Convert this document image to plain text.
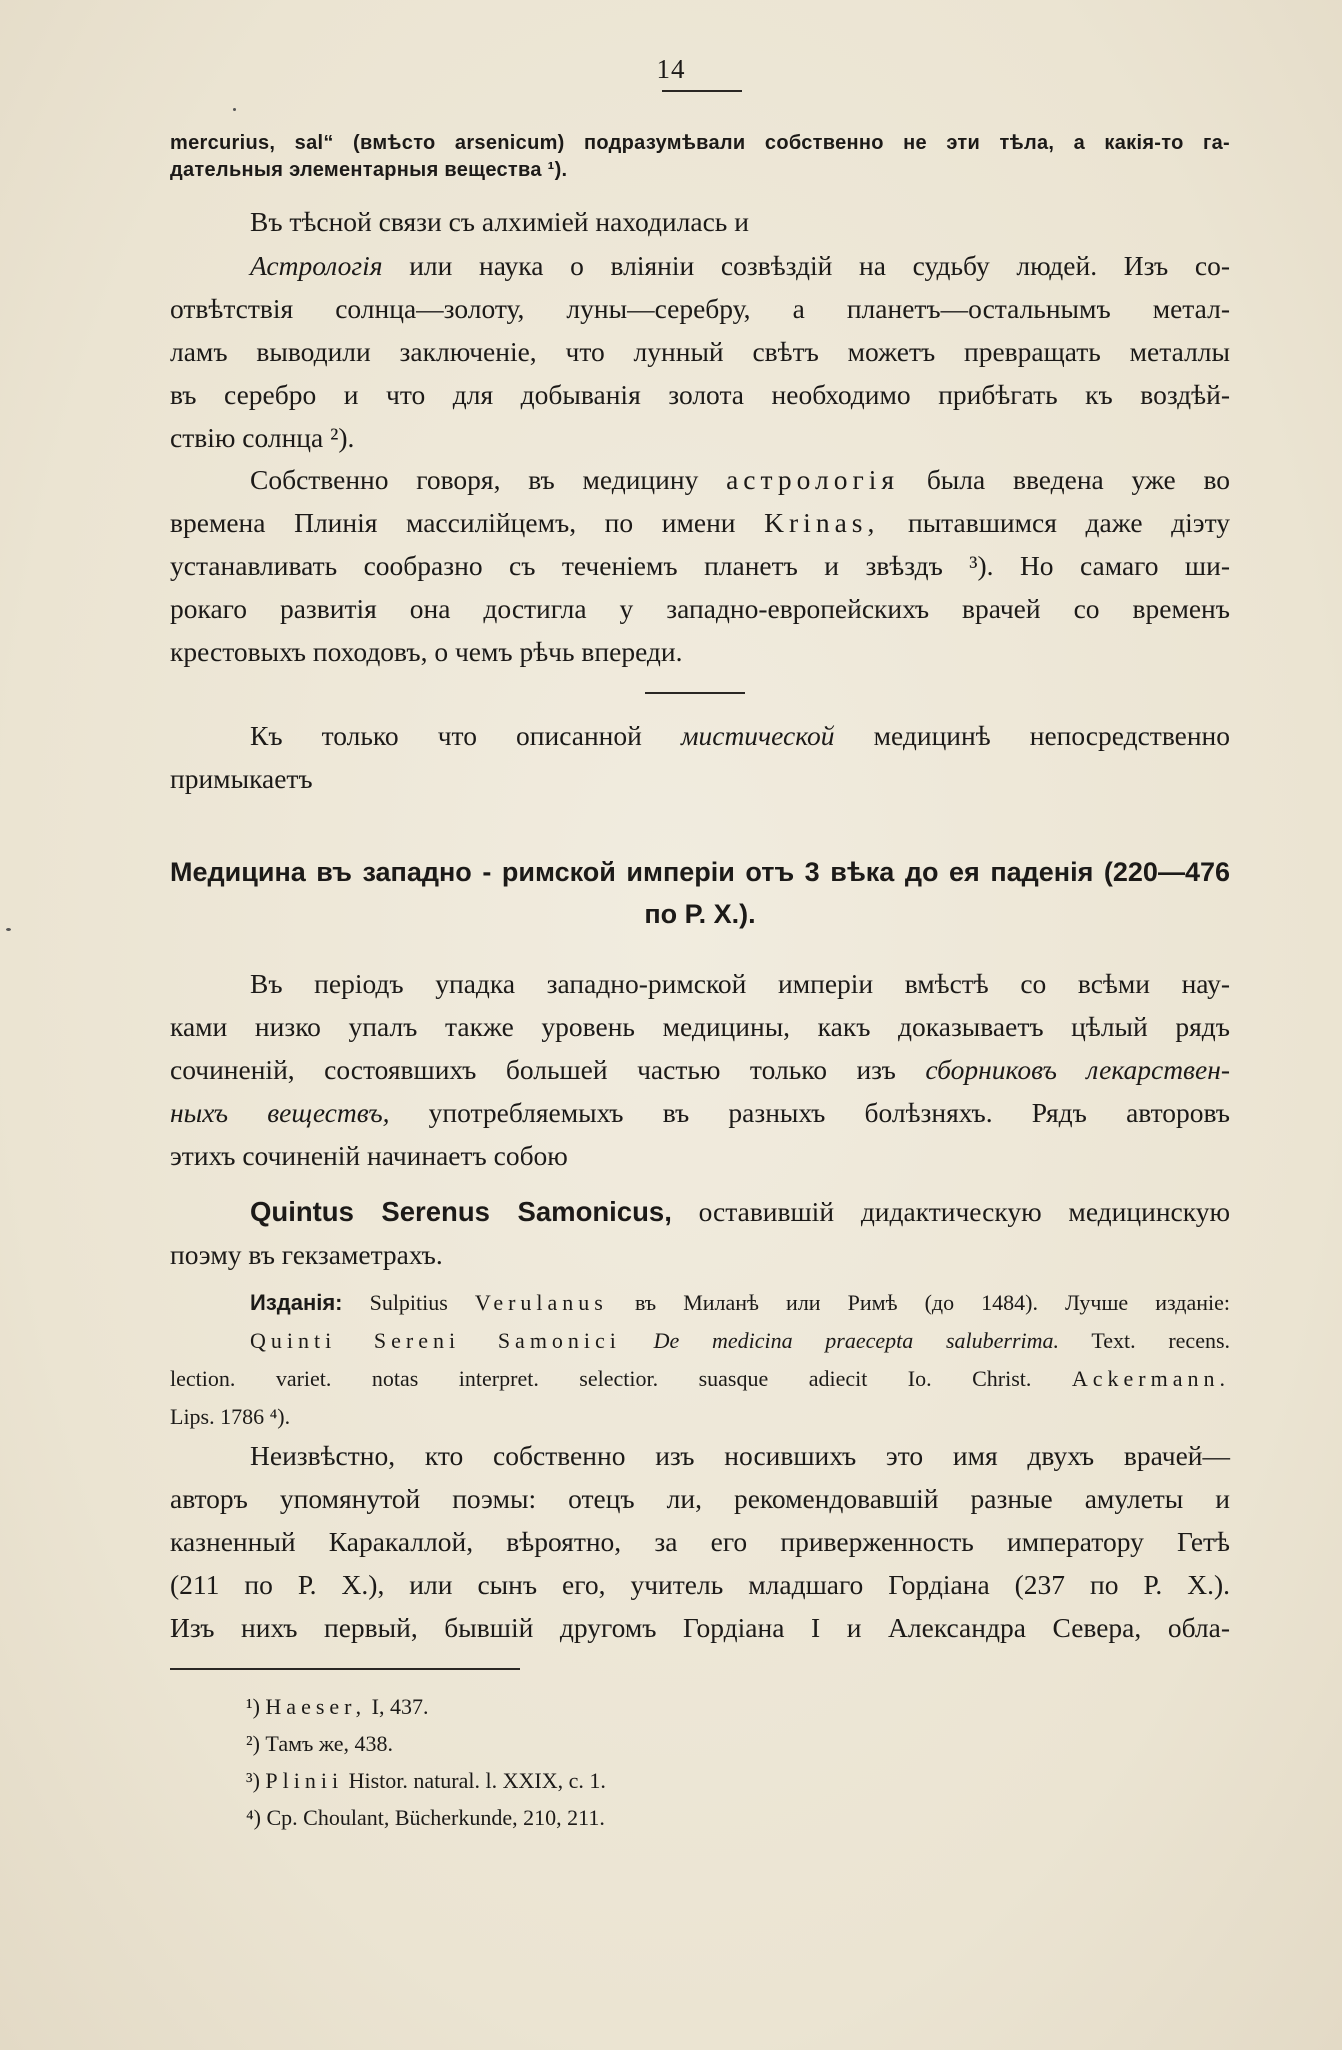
14
mercurius, sal“ (вмѣсто arsenicum) подразумѣвали собственно не эти тѣла, а какія-то га-
дательныя элементарныя вещества ¹).
Въ тѣсной связи съ алхиміей находилась и
Астрологія или наука о вліяніи созвѣздій на судьбу людей. Изъ со-
отвѣтствія солнца—золоту, луны—серебру, а планетъ—остальнымъ метал-
ламъ выводили заключеніе, что лунный свѣтъ можетъ превращать металлы
въ серебро и что для добыванія золота необходимо прибѣгать къ воздѣй-
ствію солнца ²).
Собственно говоря, въ медицину астрологія была введена уже во
времена Плинія массилійцемъ, по имени Krinas, пытавшимся даже діэту
устанавливать сообразно съ теченіемъ планетъ и звѣздъ ³). Но самаго ши-
рокаго развитія она достигла у западно-европейскихъ врачей со временъ
крестовыхъ походовъ, о чемъ рѣчь впереди.
Къ только что описанной мистической медицинѣ непосредственно
примыкаетъ
Медицина въ западно - римской имперіи отъ 3 вѣка до ея паденія (220—476
по Р. Х.).
Въ періодъ упадка западно-римской имперіи вмѣстѣ со всѣми нау-
ками низко упалъ также уровень медицины, какъ доказываетъ цѣлый рядъ
сочиненій, состоявшихъ большей частью только изъ сборниковъ лекарствен-
ныхъ веществъ, употребляемыхъ въ разныхъ болѣзняхъ. Рядъ авторовъ
этихъ сочиненій начинаетъ собою
Quintus Serenus Samonicus, оставившій дидактическую медицинскую
поэму въ гекзаметрахъ.
Изданія: Sulpitius Verulanus въ Миланѣ или Римѣ (до 1484). Лучше изданіе:
Quinti Sereni Samonici De medicina praecepta saluberrima. Text. recens.
lection. variet. notas interpret. selectior. suasque adiecit Io. Christ. Ackermann.
Lips. 1786 ⁴).
Неизвѣстно, кто собственно изъ носившихъ это имя двухъ врачей—
авторъ упомянутой поэмы: отецъ ли, рекомендовавшій разные амулеты и
казненный Каракаллой, вѣроятно, за его приверженность императору Гетѣ
(211 по Р. Х.), или сынъ его, учитель младшаго Гордіана (237 по Р. Х.).
Изъ нихъ первый, бывшій другомъ Гордіана I и Александра Севера, обла-
¹) Haeser, I, 437.
²) Тамъ же, 438.
³) Plinii Histor. natural. l. XXIX, c. 1.
⁴) Cp. Choulant, Bücherkunde, 210, 211.
